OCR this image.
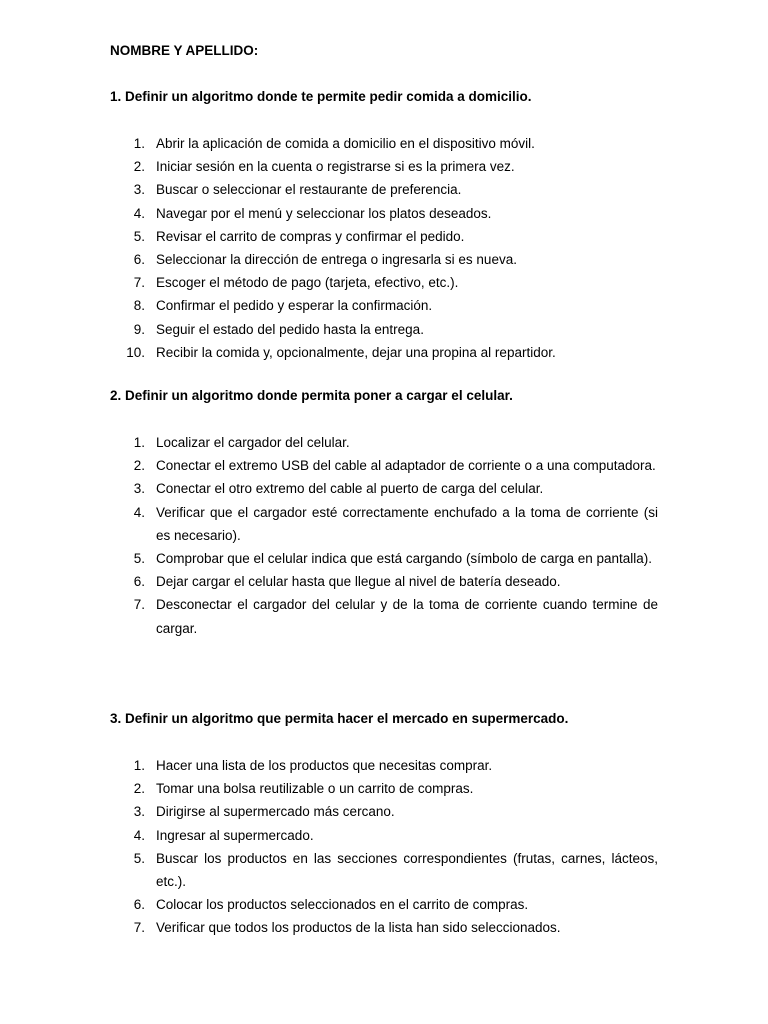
NOMBRE Y APELLIDO:
1. Definir un algoritmo donde te permite pedir comida a domicilio.
1. Abrir la aplicación de comida a domicilio en el dispositivo móvil.
2. Iniciar sesión en la cuenta o registrarse si es la primera vez.
3. Buscar o seleccionar el restaurante de preferencia.
4. Navegar por el menú y seleccionar los platos deseados.
5. Revisar el carrito de compras y confirmar el pedido.
6. Seleccionar la dirección de entrega o ingresarla si es nueva.
7. Escoger el método de pago (tarjeta, efectivo, etc.).
8. Confirmar el pedido y esperar la confirmación.
9. Seguir el estado del pedido hasta la entrega.
10. Recibir la comida y, opcionalmente, dejar una propina al repartidor.
2. Definir un algoritmo donde permita poner a cargar el celular.
1. Localizar el cargador del celular.
2. Conectar el extremo USB del cable al adaptador de corriente o a una computadora.
3. Conectar el otro extremo del cable al puerto de carga del celular.
4. Verificar que el cargador esté correctamente enchufado a la toma de corriente (si es necesario).
5. Comprobar que el celular indica que está cargando (símbolo de carga en pantalla).
6. Dejar cargar el celular hasta que llegue al nivel de batería deseado.
7. Desconectar el cargador del celular y de la toma de corriente cuando termine de cargar.
3. Definir un algoritmo que permita hacer el mercado en supermercado.
1. Hacer una lista de los productos que necesitas comprar.
2. Tomar una bolsa reutilizable o un carrito de compras.
3. Dirigirse al supermercado más cercano.
4. Ingresar al supermercado.
5. Buscar los productos en las secciones correspondientes (frutas, carnes, lácteos, etc.).
6. Colocar los productos seleccionados en el carrito de compras.
7. Verificar que todos los productos de la lista han sido seleccionados.
